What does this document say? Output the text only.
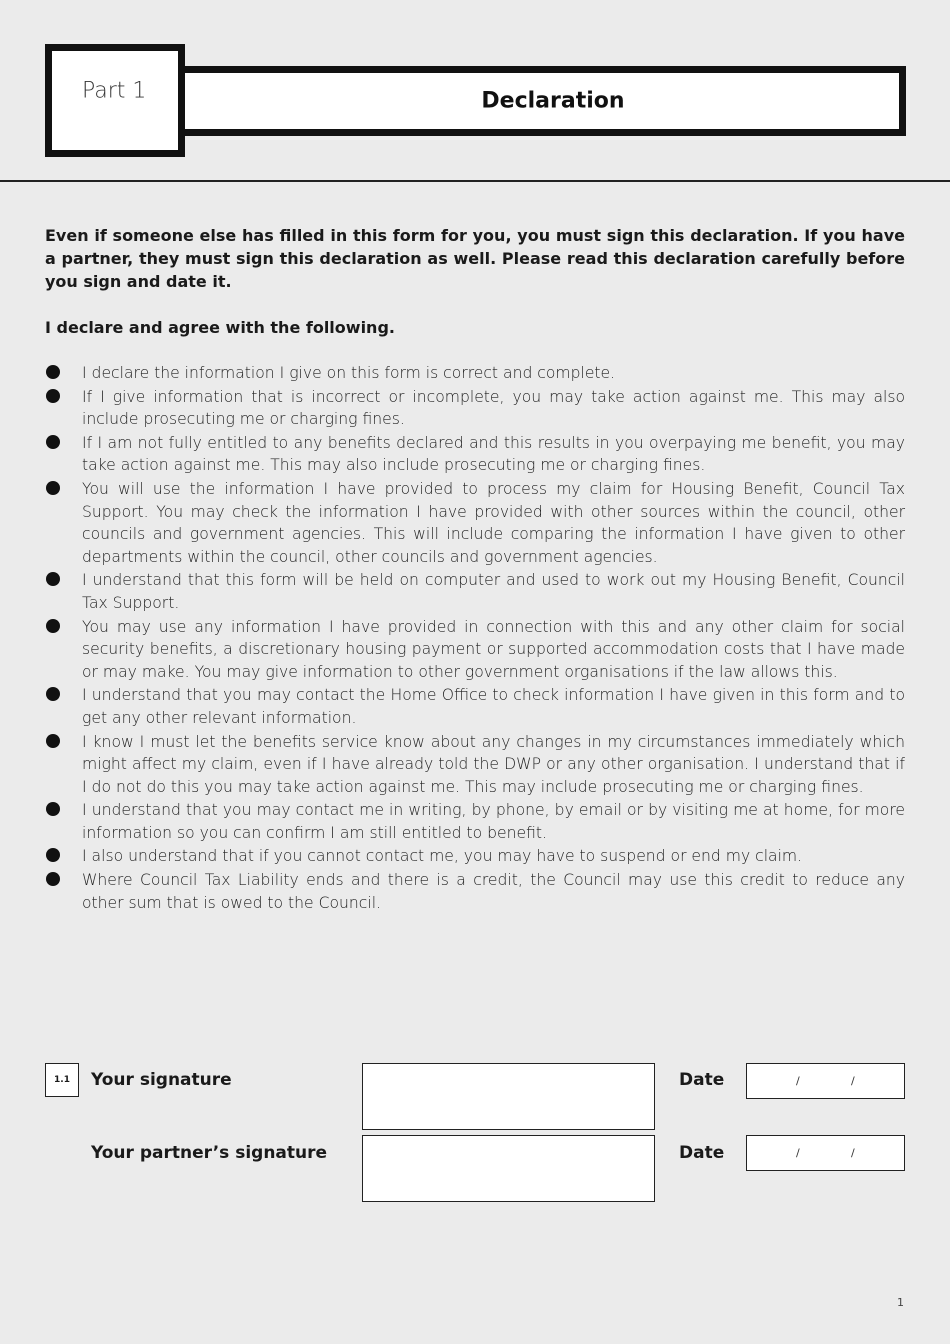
Part 1	Declaration
Even if someone else has filled in this form for you, you must sign this declaration. If you have a partner, they must sign this declaration as well. Please read this declaration carefully before you sign and date it.
I declare and agree with the following.
I declare the information I give on this form is correct and complete.
If I give information that is incorrect or incomplete, you may take action against me. This may also include prosecuting me or charging fines.
If I am not fully entitled to any benefits declared and this results in you overpaying me benefit, you may take action against me. This may also include prosecuting me or charging fines.
You will use the information I have provided to process my claim for Housing Benefit, Council Tax Support. You may check the information I have provided with other sources within the council, other councils and government agencies. This will include comparing the information I have given to other departments within the council, other councils and government agencies.
I understand that this form will be held on computer and used to work out my Housing Benefit, Council Tax Support.
You may use any information I have provided in connection with this and any other claim for social security benefits, a discretionary housing payment or supported accommodation costs that I have made or may make. You may give information to other government organisations if the law allows this.
I understand that you may contact the Home Office to check information I have given in this form and to get any other relevant information.
I know I must let the benefits service know about any changes in my circumstances immediately which might affect my claim, even if I have already told the DWP or any other organisation. I understand that if I do not do this you may take action against me. This may include prosecuting me or charging fines.
I understand that you may contact me in writing, by phone, by email or by visiting me at home, for more information so you can confirm I am still entitled to benefit.
I also understand that if you cannot contact me, you may have to suspend or end my claim.
Where Council Tax Liability ends and there is a credit, the Council may use this credit to reduce any other sum that is owed to the Council.
1.1	Your signature	Date	/	/
Your partner’s signature	Date	/	/
1
